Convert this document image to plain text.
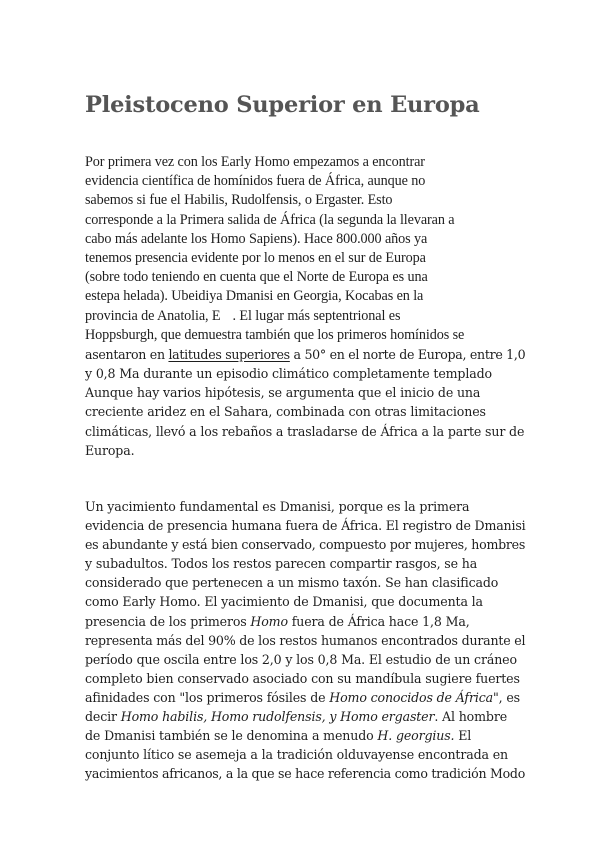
Pleistoceno Superior en Europa
Por primera vez con los Early Homo empezamos a encontrar
evidencia científica de homínidos fuera de África, aunque no
sabemos si fue el Habilis, Rudolfensis, o Ergaster. Esto
corresponde a la Primera salida de África (la segunda la llevaran a
cabo más adelante los Homo Sapiens). Hace 800.000 años ya
tenemos presencia evidente por lo menos en el sur de Europa
(sobre todo teniendo en cuenta que el Norte de Europa es una
estepa helada). Ubeidiya Dmanisi en Georgia, Kocabas en la
provincia de Anatolia, E . El lugar más septentrional es
Hoppsburgh, que demuestra también que los primeros homínidos se
asentaron en latitudes superiores a 50° en el norte de Europa, entre 1,0
y 0,8 Ma durante un episodio climático completamente templado
Aunque hay varios hipótesis, se argumenta que el inicio de una
creciente aridez en el Sahara, combinada con otras limitaciones
climáticas, llevó a los rebaños a trasladarse de África a la parte sur de
Europa.
Un yacimiento fundamental es Dmanisi, porque es la primera
evidencia de presencia humana fuera de África. El registro de Dmanisi
es abundante y está bien conservado, compuesto por mujeres, hombres
y subadultos. Todos los restos parecen compartir rasgos, se ha
considerado que pertenecen a un mismo taxón. Se han clasificado
como Early Homo. El yacimiento de Dmanisi, que documenta la
presencia de los primeros Homo fuera de África hace 1,8 Ma,
representa más del 90% de los restos humanos encontrados durante el
período que oscila entre los 2,0 y los 0,8 Ma. El estudio de un cráneo
completo bien conservado asociado con su mandíbula sugiere fuertes
afinidades con "los primeros fósiles de Homo conocidos de África", es
decir Homo habilis, Homo rudolfensis, y Homo ergaster. Al hombre
de Dmanisi también se le denomina a menudo H. georgius. El
conjunto lítico se asemeja a la tradición olduvayense encontrada en
yacimientos africanos, a la que se hace referencia como tradición Modo
